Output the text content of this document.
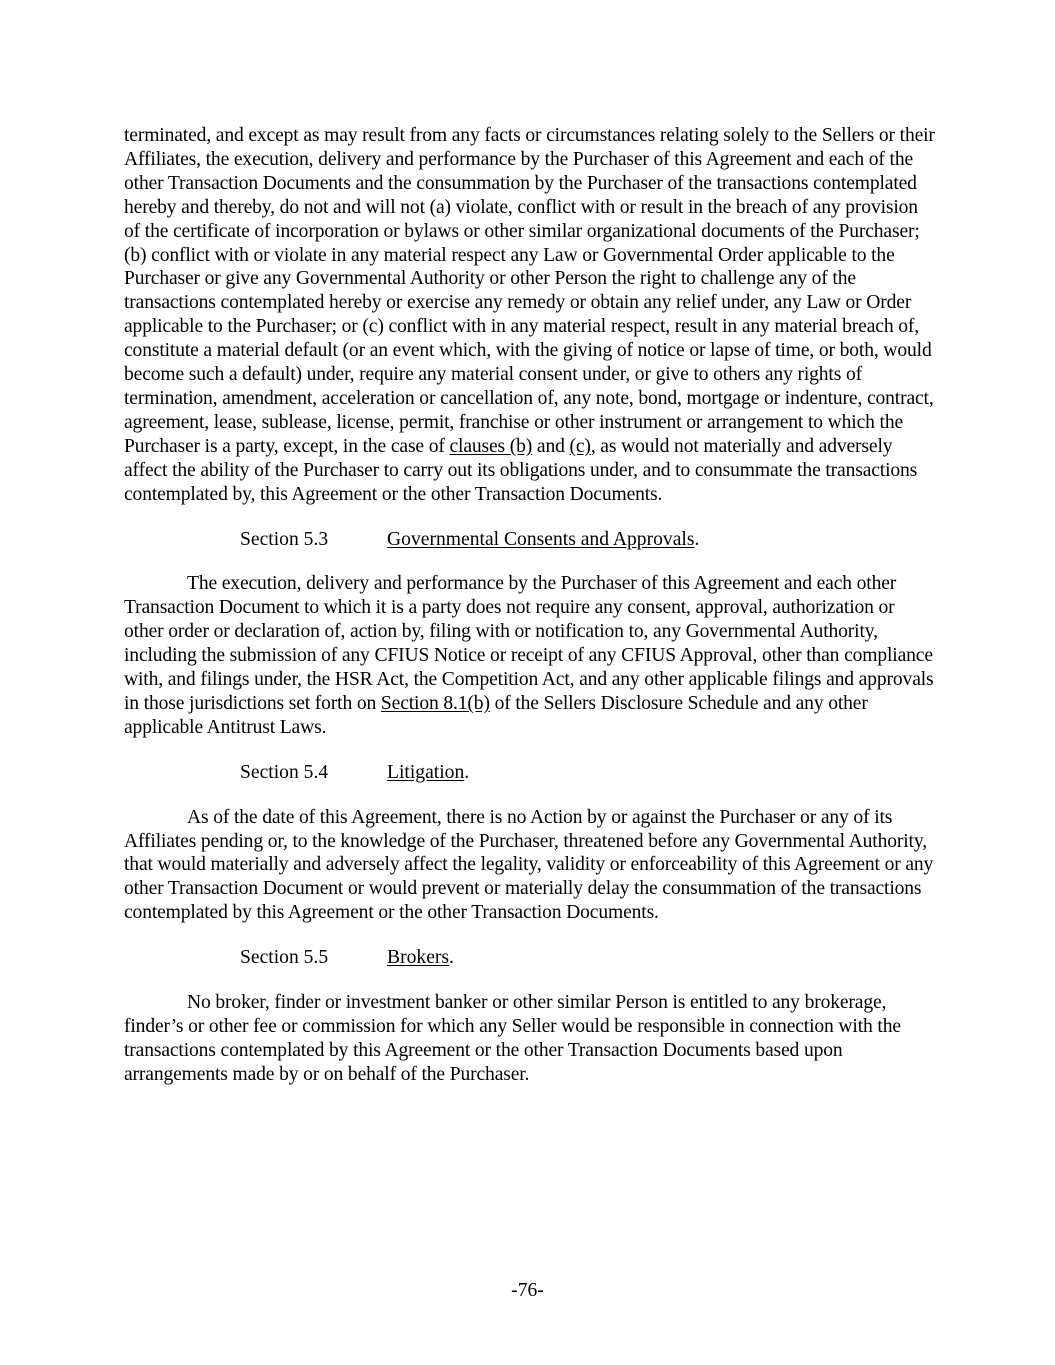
terminated, and except as may result from any facts or circumstances relating solely to the Sellers or their Affiliates, the execution, delivery and performance by the Purchaser of this Agreement and each of the other Transaction Documents and the consummation by the Purchaser of the transactions contemplated hereby and thereby, do not and will not (a) violate, conflict with or result in the breach of any provision of the certificate of incorporation or bylaws or other similar organizational documents of the Purchaser; (b) conflict with or violate in any material respect any Law or Governmental Order applicable to the Purchaser or give any Governmental Authority or other Person the right to challenge any of the transactions contemplated hereby or exercise any remedy or obtain any relief under, any Law or Order applicable to the Purchaser; or (c) conflict with in any material respect, result in any material breach of, constitute a material default (or an event which, with the giving of notice or lapse of time, or both, would become such a default) under, require any material consent under, or give to others any rights of termination, amendment, acceleration or cancellation of, any note, bond, mortgage or indenture, contract, agreement, lease, sublease, license, permit, franchise or other instrument or arrangement to which the Purchaser is a party, except, in the case of clauses (b) and (c), as would not materially and adversely affect the ability of the Purchaser to carry out its obligations under, and to consummate the transactions contemplated by, this Agreement or the other Transaction Documents.

Section 5.3	Governmental Consents and Approvals.

The execution, delivery and performance by the Purchaser of this Agreement and each other Transaction Document to which it is a party does not require any consent, approval, authorization or other order or declaration of, action by, filing with or notification to, any Governmental Authority, including the submission of any CFIUS Notice or receipt of any CFIUS Approval, other than compliance with, and filings under, the HSR Act, the Competition Act, and any other applicable filings and approvals in those jurisdictions set forth on Section 8.1(b) of the Sellers Disclosure Schedule and any other applicable Antitrust Laws.

Section 5.4	Litigation.

As of the date of this Agreement, there is no Action by or against the Purchaser or any of its Affiliates pending or, to the knowledge of the Purchaser, threatened before any Governmental Authority, that would materially and adversely affect the legality, validity or enforceability of this Agreement or any other Transaction Document or would prevent or materially delay the consummation of the transactions contemplated by this Agreement or the other Transaction Documents.

Section 5.5	Brokers.

No broker, finder or investment banker or other similar Person is entitled to any brokerage, finder’s or other fee or commission for which any Seller would be responsible in connection with the transactions contemplated by this Agreement or the other Transaction Documents based upon arrangements made by or on behalf of the Purchaser.

-76-
